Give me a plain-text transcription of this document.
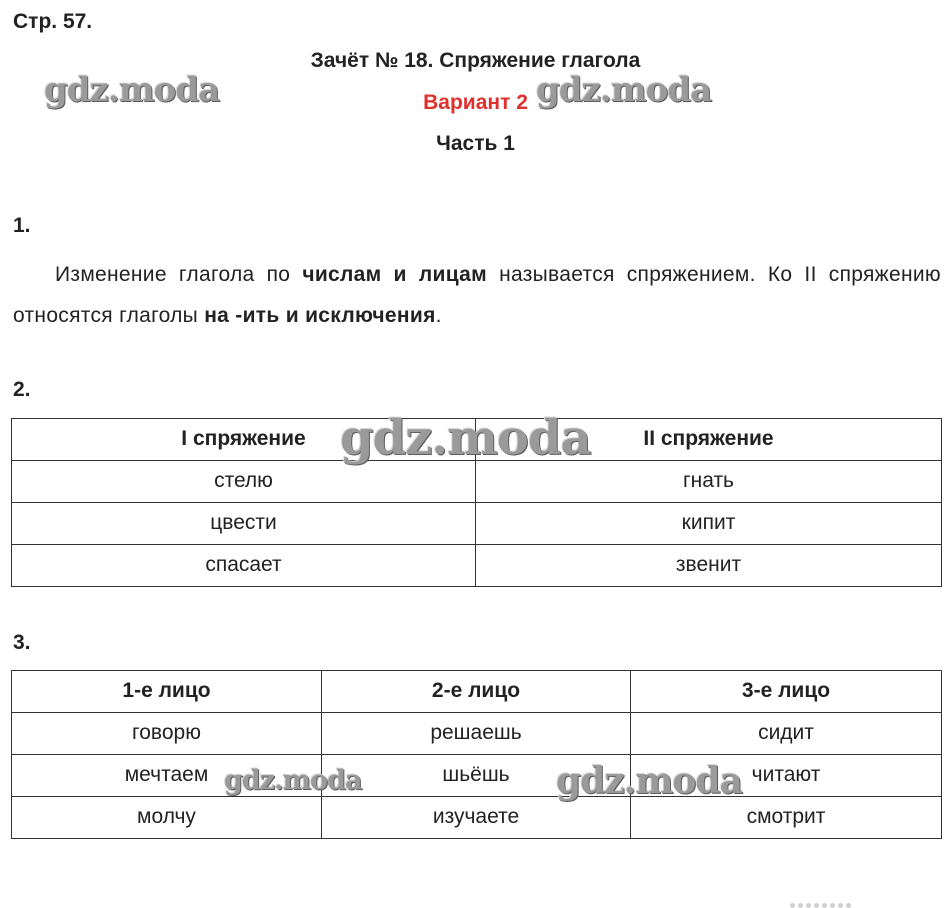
Стр. 57.
Зачёт № 18. Спряжение глагола
Вариант 2
Часть 1
1.
Изменение глагола по числам и лицам называется спряжением. Ко II спряжению относятся глаголы на -ить и исключения.
2.
I спряжение	II спряжение
стелю	гнать
цвести	кипит
спасает	звенит
3.
1-е лицо	2-е лицо	3-е лицо
говорю	решаешь	сидит
мечтаем	шьёшь	читают
молчу	изучаете	смотрит
gdz.moda	gdz.moda
gdz.moda
gdz.moda	gdz.moda
